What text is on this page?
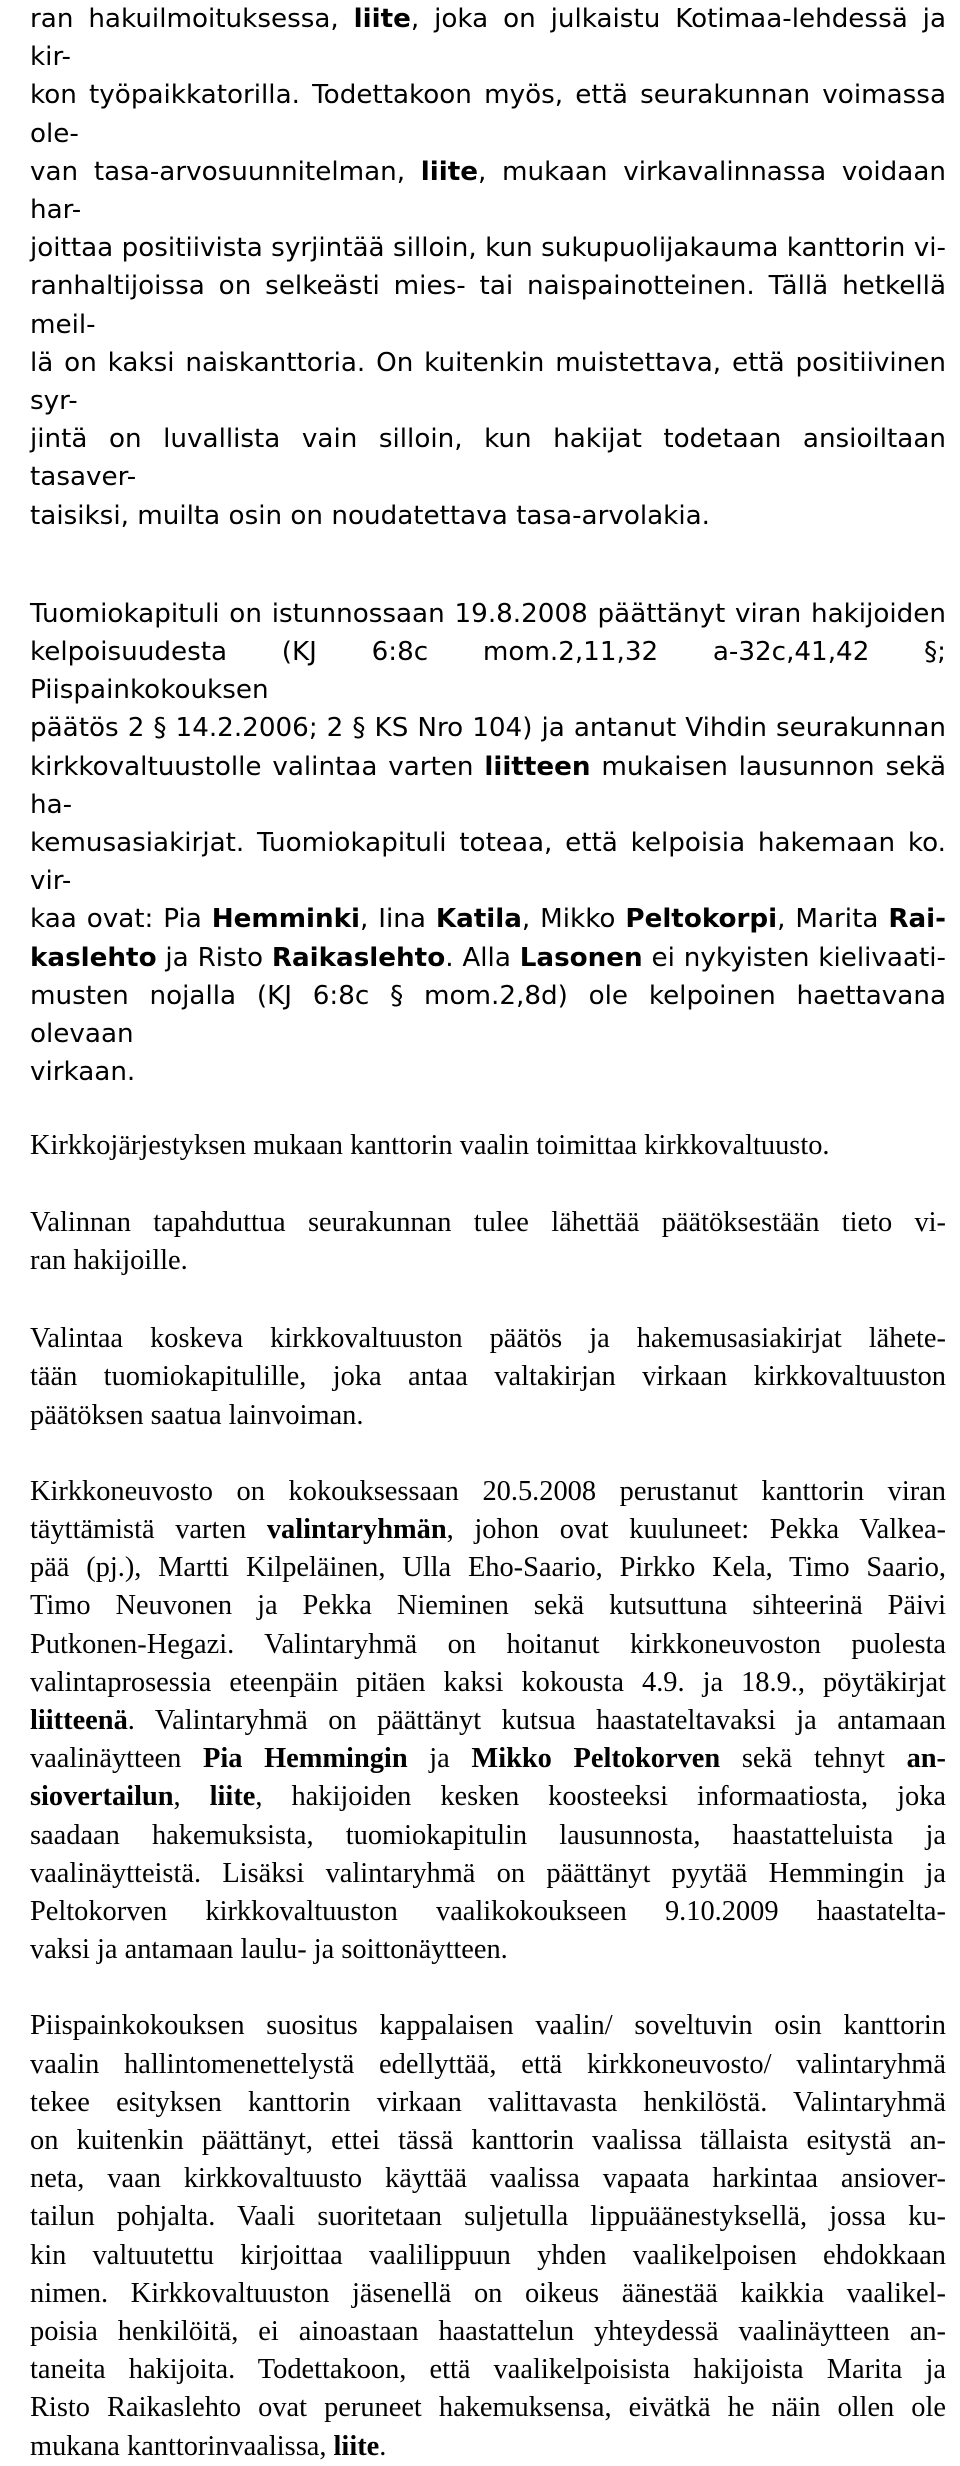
ran hakuilmoituksessa, liite, joka on julkaistu Kotimaa-lehdessä ja kir-
kon työpaikkatorilla. Todettakoon myös, että seurakunnan voimassa ole-
van tasa-arvosuunnitelman, liite, mukaan virkavalinnassa voidaan har-
joittaa positiivista syrjintää silloin, kun sukupuolijakauma kanttorin vi-
ranhaltijoissa on selkeästi mies- tai naispainotteinen. Tällä hetkellä meil-
lä on kaksi naiskanttoria. On kuitenkin muistettava, että positiivinen syr-
jintä on luvallista vain silloin, kun hakijat todetaan ansioiltaan tasaver-
taisiksi, muilta osin on noudatettava tasa-arvolakia.
Tuomiokapituli on istunnossaan 19.8.2008 päättänyt viran hakijoiden
kelpoisuudesta (KJ 6:8c mom.2,11,32 a-32c,41,42 §; Piispainkokouksen
päätös 2 § 14.2.2006; 2 § KS Nro 104) ja antanut Vihdin seurakunnan
kirkkovaltuustolle valintaa varten liitteen mukaisen lausunnon sekä ha-
kemusasiakirjat. Tuomiokapituli toteaa, että kelpoisia hakemaan ko. vir-
kaa ovat: Pia Hemminki, Iina Katila, Mikko Peltokorpi, Marita Rai-
kaslehto ja Risto Raikaslehto. Alla Lasonen ei nykyisten kielivaati-
musten nojalla (KJ 6:8c § mom.2,8d) ole kelpoinen haettavana olevaan
virkaan.
Kirkkojärjestyksen mukaan kanttorin vaalin toimittaa kirkkovaltuusto.
Valinnan tapahduttua seurakunnan tulee lähettää päätöksestään tieto vi-
ran hakijoille.
Valintaa koskeva kirkkovaltuuston päätös ja hakemusasiakirjat lähete-
tään tuomiokapitulille, joka antaa valtakirjan virkaan kirkkovaltuuston
päätöksen saatua lainvoiman.
Kirkkoneuvosto on kokouksessaan 20.5.2008 perustanut kanttorin viran
täyttämistä varten valintaryhmän, johon ovat kuuluneet: Pekka Valkea-
pää (pj.), Martti Kilpeläinen, Ulla Eho-Saario, Pirkko Kela, Timo Saario,
Timo Neuvonen ja Pekka Nieminen sekä kutsuttuna sihteerinä Päivi
Putkonen-Hegazi. Valintaryhmä on hoitanut kirkkoneuvoston puolesta
valintaprosessia eteenpäin pitäen kaksi kokousta 4.9. ja 18.9., pöytäkirjat
liitteenä. Valintaryhmä on päättänyt kutsua haastateltavaksi ja antamaan
vaalinäytteen Pia Hemmingin ja Mikko Peltokorven sekä tehnyt an-
siovertailun, liite, hakijoiden kesken koosteeksi informaatiosta, joka
saadaan hakemuksista, tuomiokapitulin lausunnosta, haastatteluista ja
vaalinäytteistä. Lisäksi valintaryhmä on päättänyt pyytää Hemmingin ja
Peltokorven kirkkovaltuuston vaalikokoukseen 9.10.2009 haastatelta-
vaksi ja antamaan laulu- ja soittonäytteen.
Piispainkokouksen suositus kappalaisen vaalin/ soveltuvin osin kanttorin
vaalin hallintomenettelystä edellyttää, että kirkkoneuvosto/ valintaryhmä
tekee esityksen kanttorin virkaan valittavasta henkilöstä. Valintaryhmä
on kuitenkin päättänyt, ettei tässä kanttorin vaalissa tällaista esitystä an-
neta, vaan kirkkovaltuusto käyttää vaalissa vapaata harkintaa ansiover-
tailun pohjalta. Vaali suoritetaan suljetulla lippuäänestyksellä, jossa ku-
kin valtuutettu kirjoittaa vaalilippuun yhden vaalikelpoisen ehdokkaan
nimen. Kirkkovaltuuston jäsenellä on oikeus äänestää kaikkia vaalikel-
poisia henkilöitä, ei ainoastaan haastattelun yhteydessä vaalinäytteen an-
taneita hakijoita. Todettakoon, että vaalikelpoisista hakijoista Marita ja
Risto Raikaslehto ovat peruneet hakemuksensa, eivätkä he näin ollen ole
mukana kanttorinvaalissa, liite.
